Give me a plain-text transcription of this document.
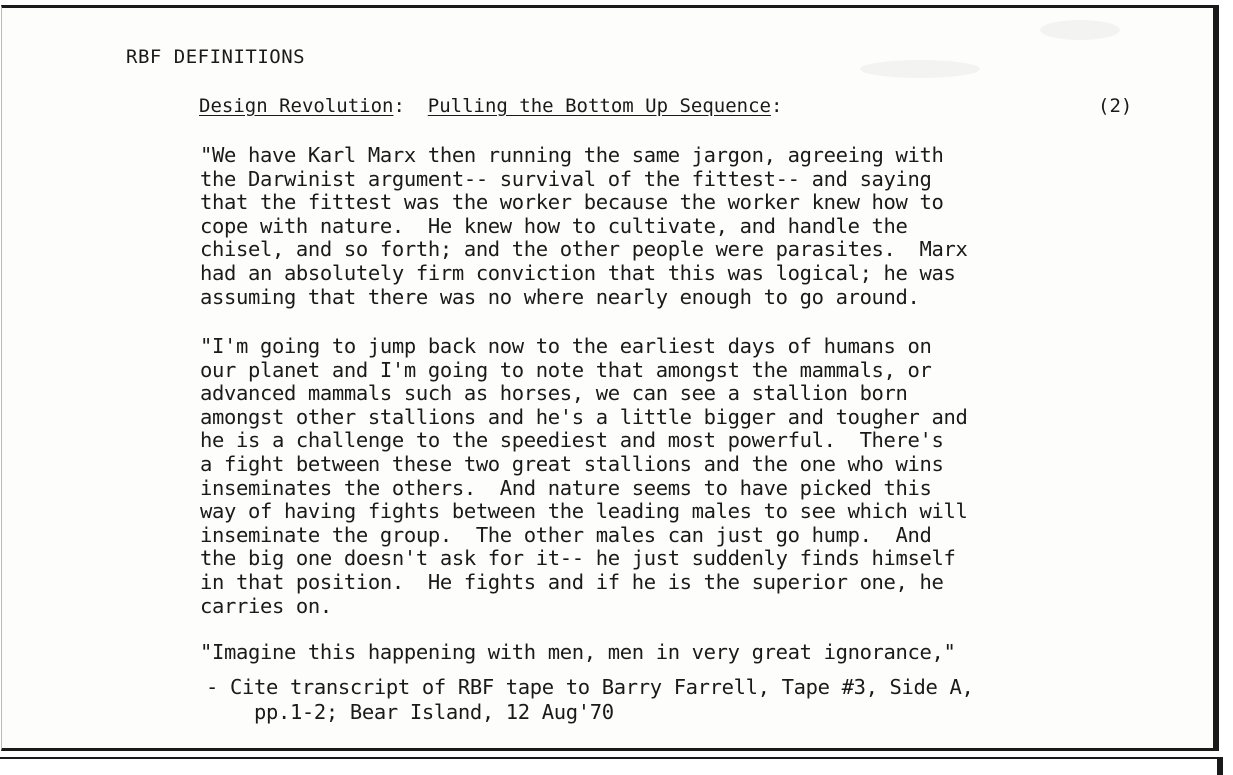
RBF DEFINITIONS
Design Revolution:  Pulling the Bottom Up Sequence:	(2)
"We have Karl Marx then running the same jargon, agreeing with
the Darwinist argument-- survival of the fittest-- and saying
that the fittest was the worker because the worker knew how to
cope with nature.  He knew how to cultivate, and handle the
chisel, and so forth; and the other people were parasites.  Marx
had an absolutely firm conviction that this was logical; he was
assuming that there was no where nearly enough to go around.
"I'm going to jump back now to the earliest days of humans on
our planet and I'm going to note that amongst the mammals, or
advanced mammals such as horses, we can see a stallion born
amongst other stallions and he's a little bigger and tougher and
he is a challenge to the speediest and most powerful.  There's
a fight between these two great stallions and the one who wins
inseminates the others.  And nature seems to have picked this
way of having fights between the leading males to see which will
inseminate the group.  The other males can just go hump.  And
the big one doesn't ask for it-- he just suddenly finds himself
in that position.  He fights and if he is the superior one, he
carries on.
"Imagine this happening with men, men in very great ignorance,"
- Cite transcript of RBF tape to Barry Farrell, Tape #3, Side A,
pp.1-2; Bear Island, 12 Aug'70
